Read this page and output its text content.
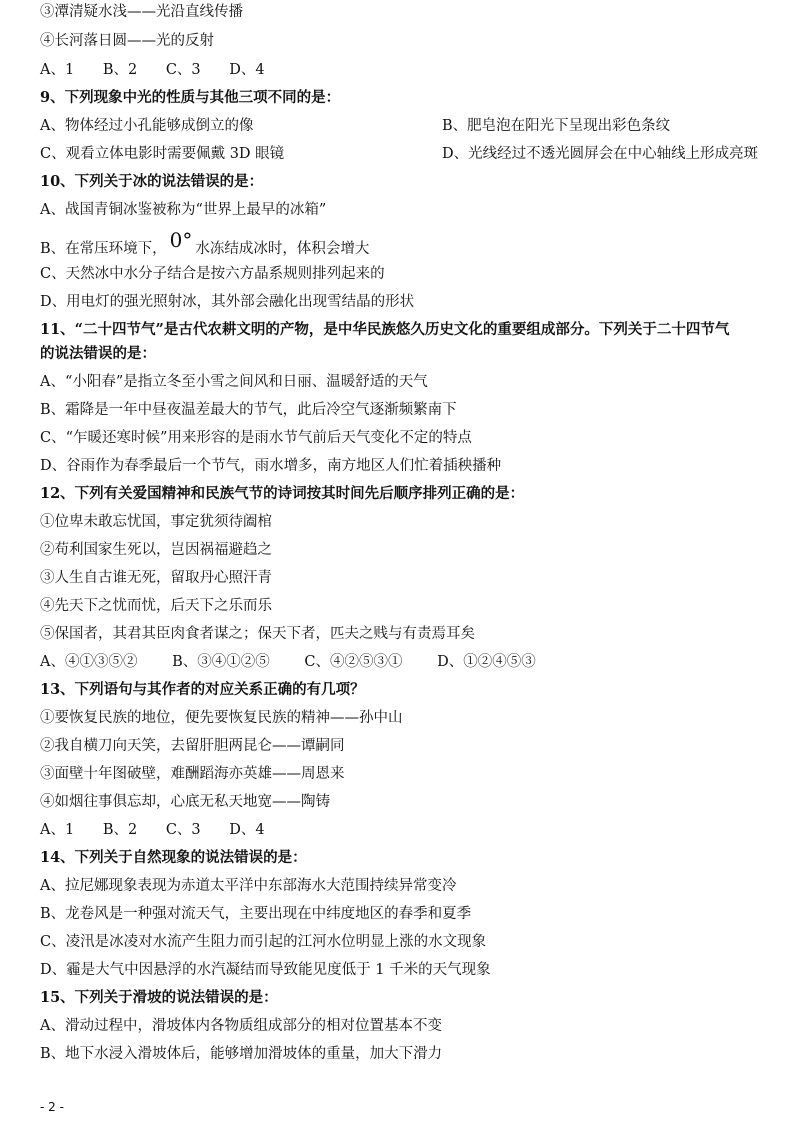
③潭清疑水浅——光沿直线传播
④长河落日圆——光的反射
A、1 B、2 C、3 D、4
9、下列现象中光的性质与其他三项不同的是：
A、物体经过小孔能够成倒立的像	B、肥皂泡在阳光下呈现出彩色条纹
C、观看立体电影时需要佩戴 3D 眼镜	D、光线经过不透光圆屏会在中心轴线上形成亮斑
10、下列关于冰的说法错误的是：
A、战国青铜冰鉴被称为“世界上最早的冰箱”
B、在常压环境下， 0° 水冻结成冰时，体积会增大
C、天然冰中水分子结合是按六方晶系规则排列起来的
D、用电灯的强光照射冰，其外部会融化出现雪结晶的形状
11、“二十四节气”是古代农耕文明的产物，是中华民族悠久历史文化的重要组成部分。下列关于二十四节气
的说法错误的是：
A、“小阳春”是指立冬至小雪之间风和日丽、温暖舒适的天气
B、霜降是一年中昼夜温差最大的节气，此后冷空气逐渐频繁南下
C、“乍暖还寒时候”用来形容的是雨水节气前后天气变化不定的特点
D、谷雨作为春季最后一个节气，雨水增多，南方地区人们忙着插秧播种
12、下列有关爱国精神和民族气节的诗词按其时间先后顺序排列正确的是：
①位卑未敢忘忧国，事定犹须待阖棺
②苟利国家生死以，岂因祸福避趋之
③人生自古谁无死，留取丹心照汗青
④先天下之忧而忧，后天下之乐而乐
⑤保国者，其君其臣肉食者谋之；保天下者，匹夫之贱与有责焉耳矣
A、④①③⑤② B、③④①②⑤ C、④②⑤③① D、①②④⑤③
13、下列语句与其作者的对应关系正确的有几项？
①要恢复民族的地位，便先要恢复民族的精神——孙中山
②我自横刀向天笑，去留肝胆两昆仑——谭嗣同
③面壁十年图破壁，难酬蹈海亦英雄——周恩来
④如烟往事俱忘却，心底无私天地宽——陶铸
A、1 B、2 C、3 D、4
14、下列关于自然现象的说法错误的是：
A、拉尼娜现象表现为赤道太平洋中东部海水大范围持续异常变冷
B、龙卷风是一种强对流天气，主要出现在中纬度地区的春季和夏季
C、凌汛是冰凌对水流产生阻力而引起的江河水位明显上涨的水文现象
D、霾是大气中因悬浮的水汽凝结而导致能见度低于 1 千米的天气现象
15、下列关于滑坡的说法错误的是：
A、滑动过程中，滑坡体内各物质组成部分的相对位置基本不变
B、地下水浸入滑坡体后，能够增加滑坡体的重量，加大下滑力
- 2 -
